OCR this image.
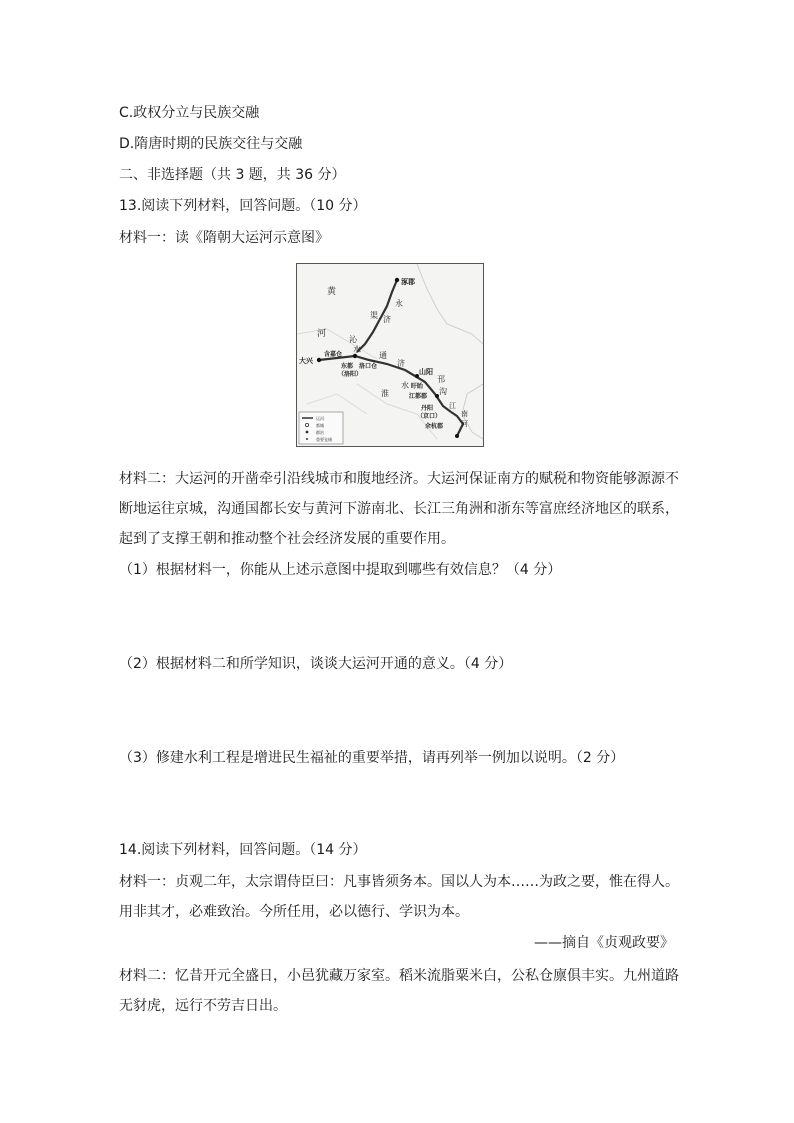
C.政权分立与民族交融
D.隋唐时期的民族交往与交融
二、非选择题（共 3 题，共 36 分）
13.阅读下列材料，回答问题。（10 分）
材料一：读《隋朝大运河示意图》
涿郡
黄
河
永
济
渠
沁
水
大兴
含嘉仓
东都
（洛阳）
洛口仓
通
济
山阳
邗
沟
淮
水 盱眙
江都郡
江
南
河
丹阳
（京口）
余杭郡
运河
都城
郡治
重要仓储
材料二：大运河的开凿牵引沿线城市和腹地经济。大运河保证南方的赋税和物资能够源源不断地运往京城，沟通国都长安与黄河下游南北、长江三角洲和浙东等富庶经济地区的联系，起到了支撑王朝和推动整个社会经济发展的重要作用。
（1）根据材料一，你能从上述示意图中提取到哪些有效信息？（4 分）
（2）根据材料二和所学知识，谈谈大运河开通的意义。（4 分）
（3）修建水利工程是增进民生福祉的重要举措，请再列举一例加以说明。（2 分）
14.阅读下列材料，回答问题。（14 分）
材料一：贞观二年，太宗谓侍臣曰：凡事皆须务本。国以人为本……为政之要，惟在得人。用非其才，必难致治。今所任用，必以德行、学识为本。
——摘自《贞观政要》
材料二：忆昔开元全盛日，小邑犹藏万家室。稻米流脂粟米白，公私仓廪俱丰实。九州道路无豺虎，远行不劳吉日出。
